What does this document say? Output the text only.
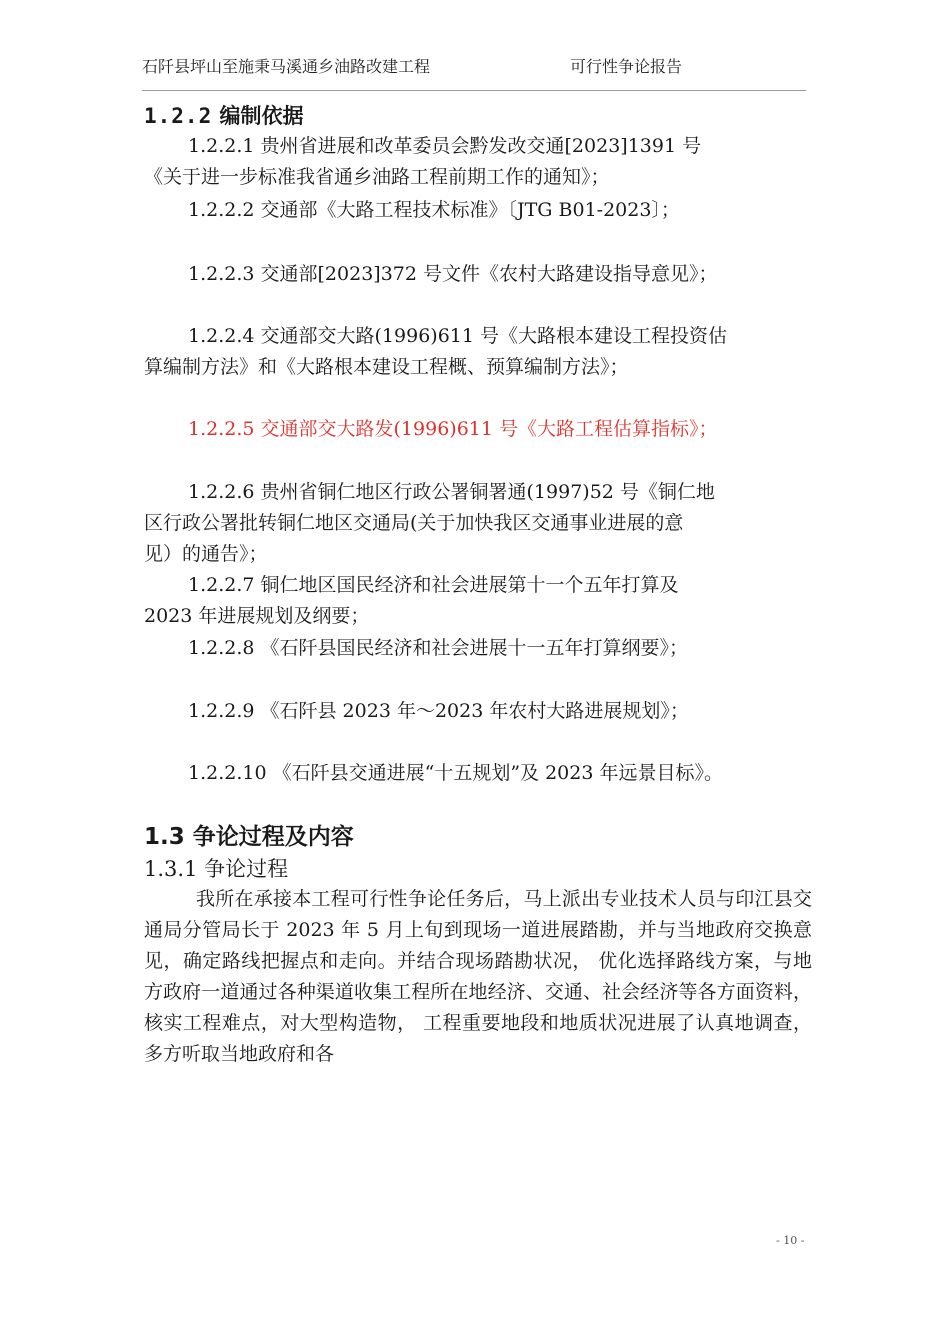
石阡县坪山至施秉马溪通乡油路改建工程	可行性争论报告
1.2.2 编制依据
1.2.2.1 贵州省进展和改革委员会黔发改交通[2023]1391 号
《关于进一步标准我省通乡油路工程前期工作的通知》；
1.2.2.2 交通部《大路工程技术标准》〔JTG B01-2023〕；
1.2.2.3 交通部[2023]372 号文件《农村大路建设指导意见》；
1.2.2.4 交通部交大路(1996)611 号《大路根本建设工程投资估
算编制方法》和《大路根本建设工程概、预算编制方法》；
1.2.2.5 交通部交大路发(1996)611 号《大路工程估算指标》；
1.2.2.6 贵州省铜仁地区行政公署铜署通(1997)52 号《铜仁地
区行政公署批转铜仁地区交通局(关于加快我区交通事业进展的意
见）的通告》；
1.2.2.7 铜仁地区国民经济和社会进展第十一个五年打算及
2023 年进展规划及纲要；
1.2.2.8 《石阡县国民经济和社会进展十一五年打算纲要》；
1.2.2.9 《石阡县 2023 年～2023 年农村大路进展规划》；
1.2.2.10 《石阡县交通进展“十五规划”及 2023 年远景目标》。
1.3 争论过程及内容
1.3.1 争论过程
我所在承接本工程可行性争论任务后，马上派出专业技术人员与印江县交通局分管局长于 2023 年 5 月上旬到现场一道进展踏勘，并与当地政府交换意见，确定路线把握点和走向。并结合现场踏勘状况， 优化选择路线方案，与地方政府一道通过各种渠道收集工程所在地经济、交通、社会经济等各方面资料，核实工程难点，对大型构造物， 工程重要地段和地质状况进展了认真地调查，多方听取当地政府和各
- 10 -
